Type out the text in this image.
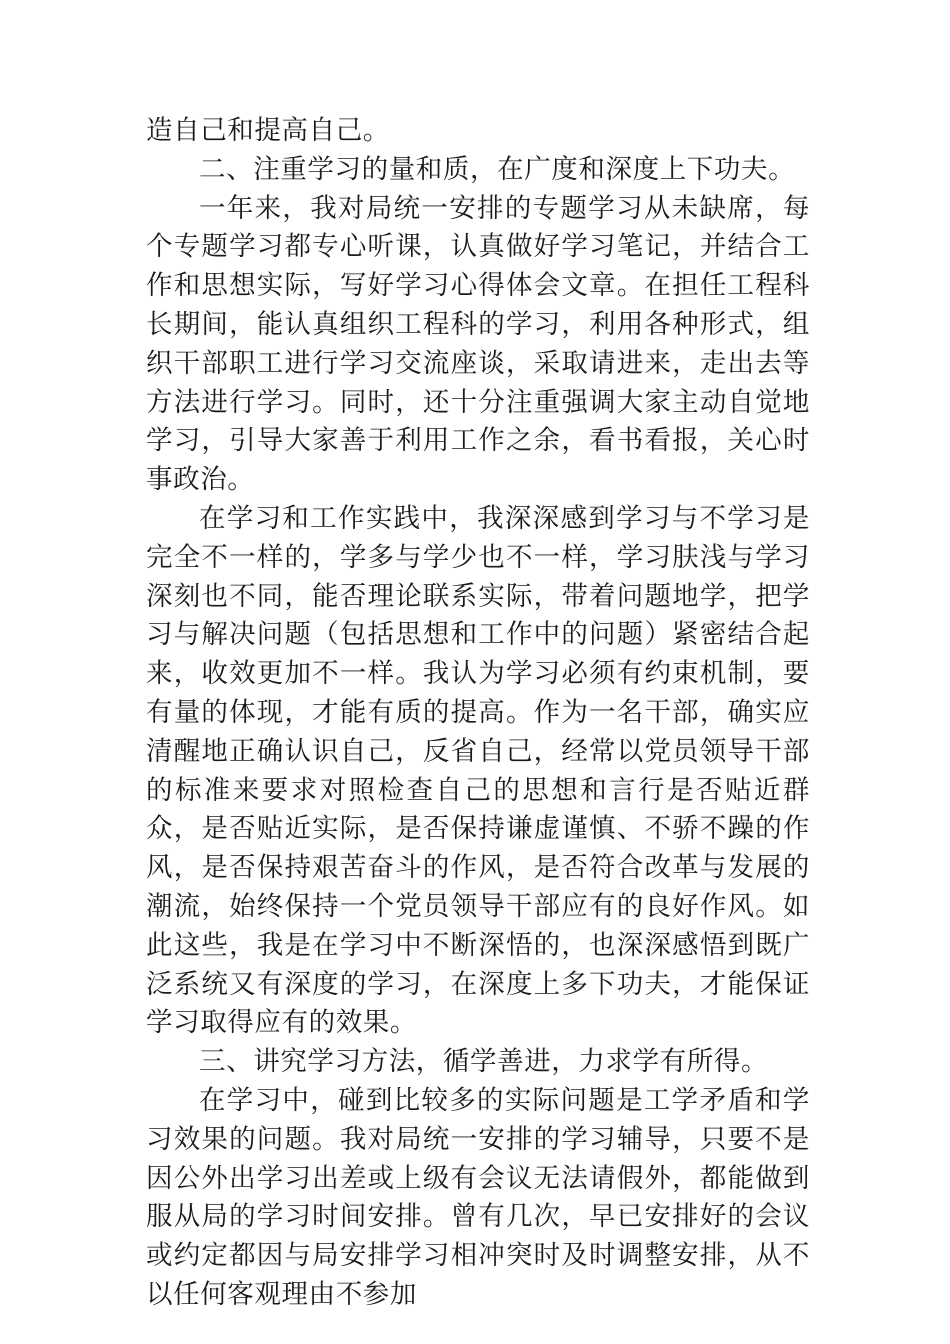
造自己和提高自己。

二、注重学习的量和质，在广度和深度上下功夫。

一年来，我对局统一安排的专题学习从未缺席，每个专题学习都专心听课，认真做好学习笔记，并结合工作和思想实际，写好学习心得体会文章。在担任工程科长期间，能认真组织工程科的学习，利用各种形式，组织干部职工进行学习交流座谈，采取请进来，走出去等方法进行学习。同时，还十分注重强调大家主动自觉地学习，引导大家善于利用工作之余，看书看报，关心时事政治。

在学习和工作实践中，我深深感到学习与不学习是完全不一样的，学多与学少也不一样，学习肤浅与学习深刻也不同，能否理论联系实际，带着问题地学，把学习与解决问题（包括思想和工作中的问题）紧密结合起来，收效更加不一样。我认为学习必须有约束机制，要有量的体现，才能有质的提高。作为一名干部，确实应清醒地正确认识自己，反省自己，经常以党员领导干部的标准来要求对照检查自己的思想和言行是否贴近群众，是否贴近实际，是否保持谦虚谨慎、不骄不躁的作风，是否保持艰苦奋斗的作风，是否符合改革与发展的潮流，始终保持一个党员领导干部应有的良好作风。如此这些，我是在学习中不断深悟的，也深深感悟到既广泛系统又有深度的学习，在深度上多下功夫，才能保证学习取得应有的效果。

三、讲究学习方法，循学善进，力求学有所得。

在学习中，碰到比较多的实际问题是工学矛盾和学习效果的问题。我对局统一安排的学习辅导，只要不是因公外出学习出差或上级有会议无法请假外，都能做到服从局的学习时间安排。曾有几次，早已安排好的会议或约定都因与局安排学习相冲突时及时调整安排，从不以任何客观理由不参加
